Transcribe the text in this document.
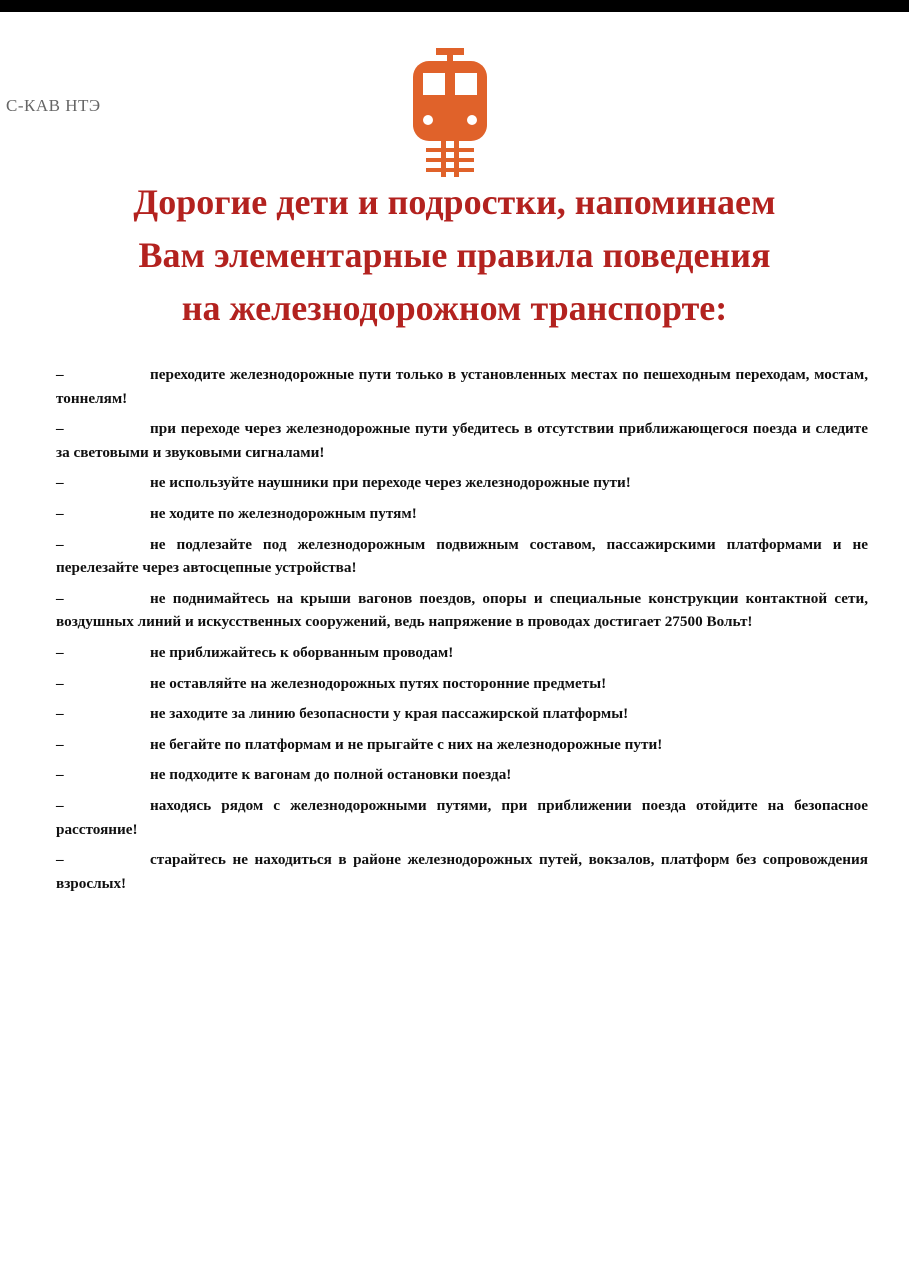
С-КАВ НТЭ
Дорогие дети и подростки, напоминаем
Вам элементарные правила поведения
на железнодорожном транспорте:

–	переходите железнодорожные пути только в установленных местах по пешеходным переходам, мостам, тоннелям!

–	при переходе через железнодорожные пути убедитесь в отсутствии приближающегося поезда и следите за световыми и звуковыми сигналами!

–	не используйте наушники при переходе через железнодорожные пути!

–	не ходите по железнодорожным путям!

–	не подлезайте под железнодорожным подвижным составом, пассажирскими платформами и не перелезайте через автосцепные устройства!

–	не поднимайтесь на крыши вагонов поездов, опоры и специальные конструкции контактной сети, воздушных линий и искусственных сооружений, ведь напряжение в проводах достигает 27500 Вольт!

–	не приближайтесь к оборванным проводам!

–	не оставляйте на железнодорожных путях посторонние предметы!

–	не заходите за линию безопасности у края пассажирской платформы!

–	не бегайте по платформам и не прыгайте с них на железнодорожные пути!

–	не подходите к вагонам до полной остановки поезда!

–	находясь рядом с железнодорожными путями, при приближении поезда отойдите на безопасное расстояние!

–	старайтесь не находиться в районе железнодорожных путей, вокзалов, платформ без сопровождения взрослых!
